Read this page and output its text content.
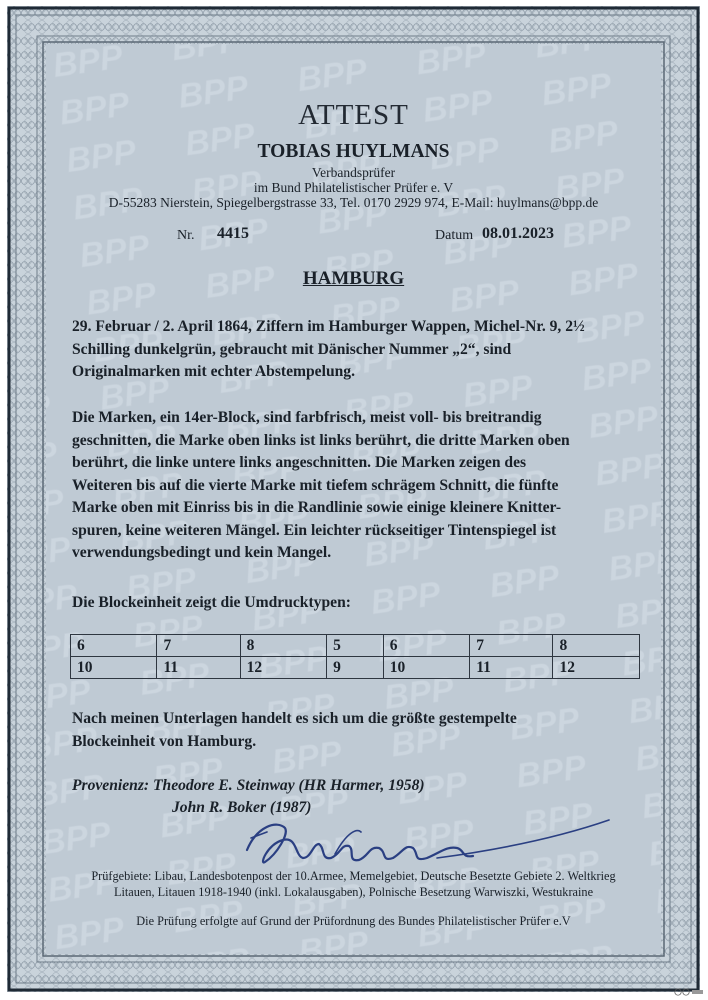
ATTEST
TOBIAS HUYLMANS
Verbandsprüfer
im Bund Philatelistischer Prüfer e. V
D-55283 Nierstein, Spiegelbergstrasse 33, Tel. 0170 2929 974, E-Mail: huylmans@bpp.de
Nr. 4415	Datum 08.01.2023
HAMBURG
29. Februar / 2. April 1864, Ziffern im Hamburger Wappen, Michel-Nr. 9, 2½
Schilling dunkelgrün, gebraucht mit Dänischer Nummer „2“, sind
Originalmarken mit echter Abstempelung.
Die Marken, ein 14er-Block, sind farbfrisch, meist voll- bis breitrandig
geschnitten, die Marke oben links ist links berührt, die dritte Marken oben
berührt, die linke untere links angeschnitten. Die Marken zeigen des
Weiteren bis auf die vierte Marke mit tiefem schrägem Schnitt, die fünfte
Marke oben mit Einriss bis in die Randlinie sowie einige kleinere Knitter-
spuren, keine weiteren Mängel. Ein leichter rückseitiger Tintenspiegel ist
verwendungsbedingt und kein Mangel.
Die Blockeinheit zeigt die Umdrucktypen:
6	7	8	5	6	7	8
10	11	12	9	10	11	12
Nach meinen Unterlagen handelt es sich um die größte gestempelte
Blockeinheit von Hamburg.
Provenienz: Theodore E. Steinway (HR Harmer, 1958)
John R. Boker (1987)
Prüfgebiete: Libau, Landesbotenpost der 10.Armee, Memelgebiet, Deutsche Besetzte Gebiete 2. Weltkrieg
Litauen, Litauen 1918-1940 (inkl. Lokalausgaben), Polnische Besetzung Warwiszki, Westukraine
Die Prüfung erfolgte auf Grund der Prüfordnung des Bundes Philatelistischer Prüfer e.V
